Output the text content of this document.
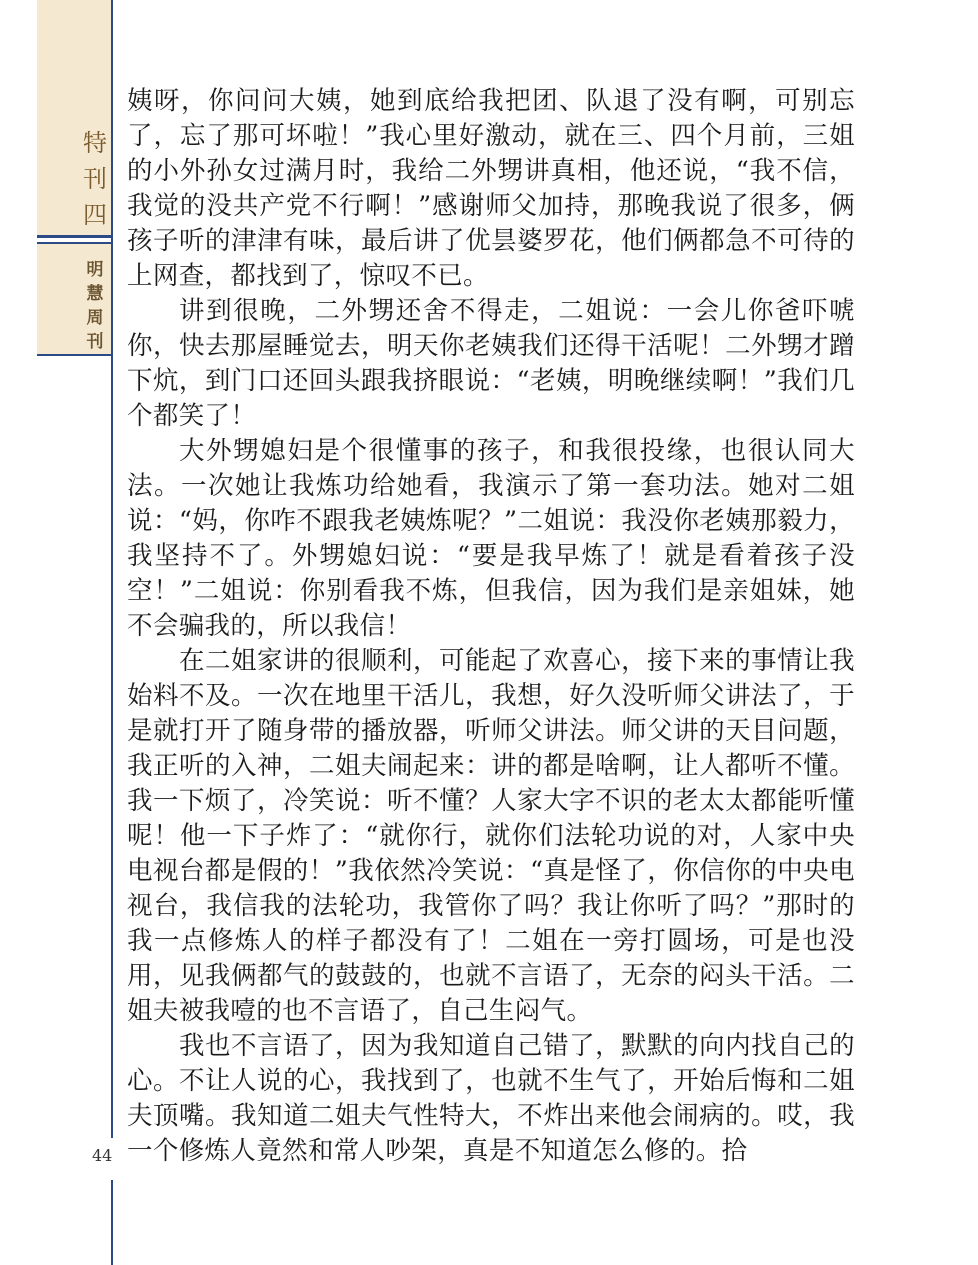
特
刊
四
明
慧
周
刊
44

姨呀，你问问大姨，她到底给我把团、队退了没有啊，可别忘了，忘了那可坏啦！”我心里好激动，就在三、四个月前，三姐的小外孙女过满月时，我给二外甥讲真相，他还说，“我不信，我觉的没共产党不行啊！”感谢师父加持，那晚我说了很多，俩孩子听的津津有味，最后讲了优昙婆罗花，他们俩都急不可待的上网查，都找到了，惊叹不已。

讲到很晚，二外甥还舍不得走，二姐说：一会儿你爸吓唬你，快去那屋睡觉去，明天你老姨我们还得干活呢！二外甥才蹭下炕，到门口还回头跟我挤眼说：“老姨，明晚继续啊！”我们几个都笑了！

大外甥媳妇是个很懂事的孩子，和我很投缘，也很认同大法。一次她让我炼功给她看，我演示了第一套功法。她对二姐说：“妈，你咋不跟我老姨炼呢？”二姐说：我没你老姨那毅力，我坚持不了。外甥媳妇说：“要是我早炼了！就是看着孩子没空！”二姐说：你别看我不炼，但我信，因为我们是亲姐妹，她不会骗我的，所以我信！

在二姐家讲的很顺利，可能起了欢喜心，接下来的事情让我始料不及。一次在地里干活儿，我想，好久没听师父讲法了，于是就打开了随身带的播放器，听师父讲法。师父讲的天目问题，我正听的入神，二姐夫闹起来：讲的都是啥啊，让人都听不懂。我一下烦了，冷笑说：听不懂？人家大字不识的老太太都能听懂呢！他一下子炸了：“就你行，就你们法轮功说的对，人家中央电视台都是假的！”我依然冷笑说：“真是怪了，你信你的中央电视台，我信我的法轮功，我管你了吗？我让你听了吗？”那时的我一点修炼人的样子都没有了！二姐在一旁打圆场，可是也没用，见我俩都气的鼓鼓的，也就不言语了，无奈的闷头干活。二姐夫被我噎的也不言语了，自己生闷气。

我也不言语了，因为我知道自己错了，默默的向内找自己的心。不让人说的心，我找到了，也就不生气了，开始后悔和二姐夫顶嘴。我知道二姐夫气性特大，不炸出来他会闹病的。哎，我一个修炼人竟然和常人吵架，真是不知道怎么修的。拾
